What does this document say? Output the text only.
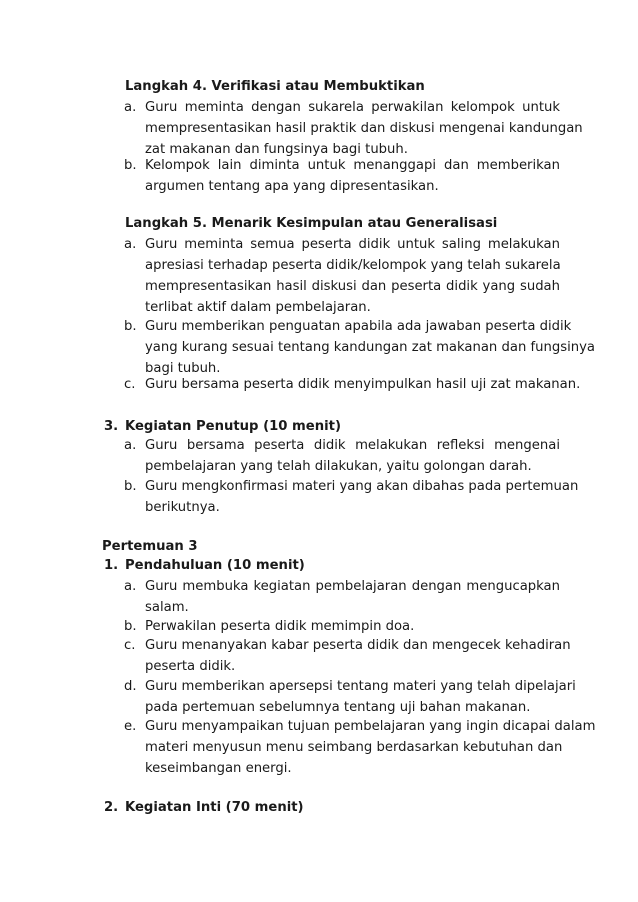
Langkah 4. Verifikasi atau Membuktikan
a. Guru meminta dengan sukarela perwakilan kelompok untuk
mempresentasikan hasil praktik dan diskusi mengenai kandungan
zat makanan dan fungsinya bagi tubuh.
b. Kelompok lain diminta untuk menanggapi dan memberikan
argumen tentang apa yang dipresentasikan.
Langkah 5. Menarik Kesimpulan atau Generalisasi
a. Guru meminta semua peserta didik untuk saling melakukan
apresiasi terhadap peserta didik/kelompok yang telah sukarela
mempresentasikan hasil diskusi dan peserta didik yang sudah
terlibat aktif dalam pembelajaran.
b. Guru memberikan penguatan apabila ada jawaban peserta didik
yang kurang sesuai tentang kandungan zat makanan dan fungsinya
bagi tubuh.
c. Guru bersama peserta didik menyimpulkan hasil uji zat makanan.
3. Kegiatan Penutup (10 menit)
a. Guru bersama peserta didik melakukan refleksi mengenai
pembelajaran yang telah dilakukan, yaitu golongan darah.
b. Guru mengkonfirmasi materi yang akan dibahas pada pertemuan
berikutnya.
Pertemuan 3
1. Pendahuluan (10 menit)
a. Guru membuka kegiatan pembelajaran dengan mengucapkan
salam.
b. Perwakilan peserta didik memimpin doa.
c. Guru menanyakan kabar peserta didik dan mengecek kehadiran
peserta didik.
d. Guru memberikan apersepsi tentang materi yang telah dipelajari
pada pertemuan sebelumnya tentang uji bahan makanan.
e. Guru menyampaikan tujuan pembelajaran yang ingin dicapai dalam
materi menyusun menu seimbang berdasarkan kebutuhan dan
keseimbangan energi.
2. Kegiatan Inti (70 menit)
